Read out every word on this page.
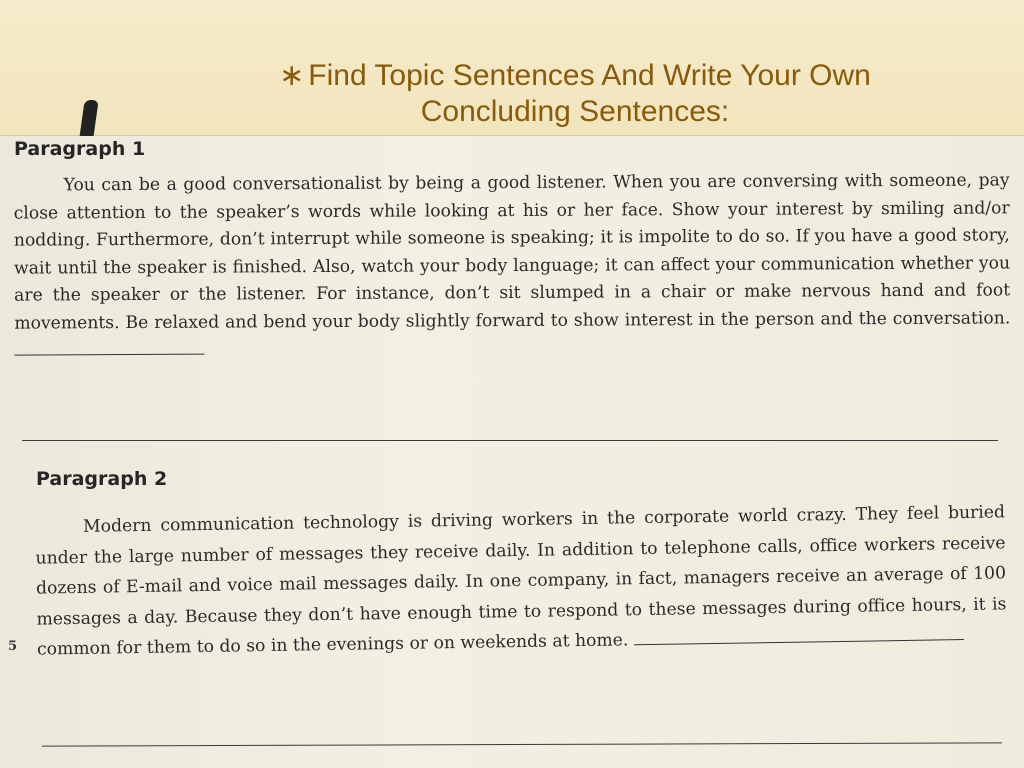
∗ Find Topic Sentences And Write Your Own
Concluding Sentences:
Paragraph 1
You can be a good conversationalist by being a good listener. When you are conversing with someone, pay close attention to the speaker’s words while looking at his or her face. Show your interest by smiling and/or nodding. Furthermore, don’t interrupt while someone is speaking; it is impolite to do so. If you have a good story, wait until the speaker is finished. Also, watch your body language; it can affect your communication whether you are the speaker or the listener. For instance, don’t sit slumped in a chair or make nervous hand and foot movements. Be relaxed and bend your body slightly forward to show interest in the person and the conversation.
Paragraph 2
5
Modern communication technology is driving workers in the corporate world crazy. They feel buried under the large number of messages they receive daily. In addition to telephone calls, office workers receive dozens of E-mail and voice mail messages daily. In one company, in fact, managers receive an average of 100 messages a day. Because they don’t have enough time to respond to these messages during office hours, it is common for them to do so in the evenings or on weekends at home.
